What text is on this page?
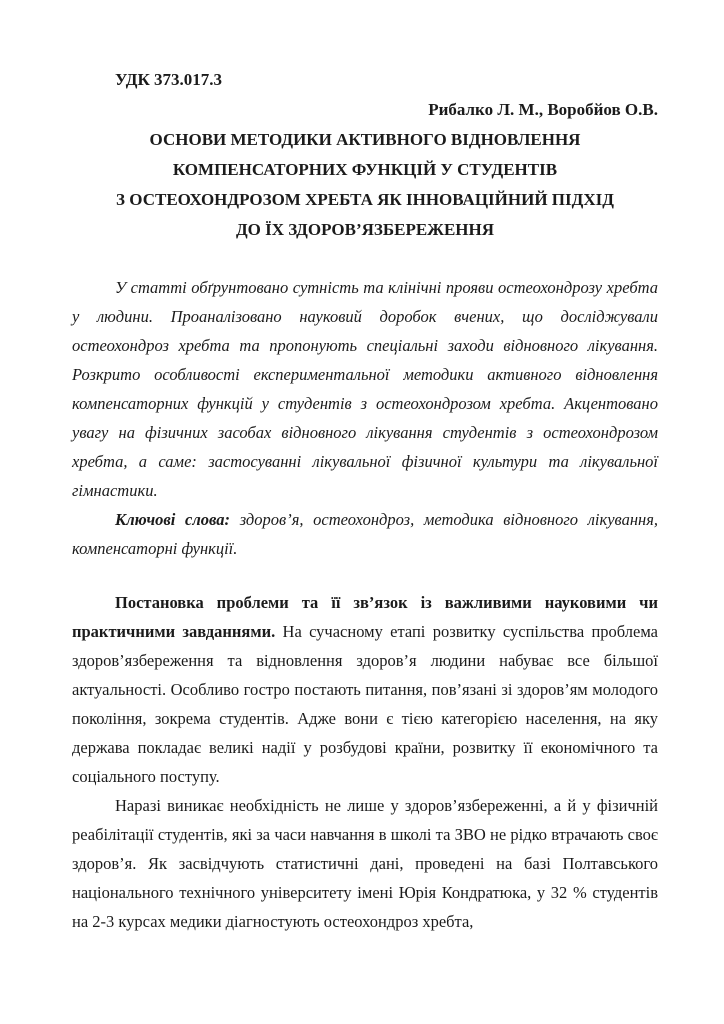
УДК 373.017.3

Рибалко Л. М., Воробйов О.В.

ОСНОВИ МЕТОДИКИ АКТИВНОГО ВІДНОВЛЕННЯ
КОМПЕНСАТОРНИХ ФУНКЦІЙ У СТУДЕНТІВ
З ОСТЕОХОНДРОЗОМ ХРЕБТА ЯК ІННОВАЦІЙНИЙ ПІДХІД
ДО ЇХ ЗДОРОВ’ЯЗБЕРЕЖЕННЯ

У статті обґрунтовано сутність та клінічні прояви остеохондрозу хребта у людини. Проаналізовано науковий доробок вчених, що досліджували остеохондроз хребта та пропонують спеціальні заходи відновного лікування. Розкрито особливості експериментальної методики активного відновлення компенсаторних функцій у студентів з остеохондрозом хребта. Акцентовано увагу на фізичних засобах відновного лікування студентів з остеохондрозом хребта, а саме: застосуванні лікувальної фізичної культури та лікувальної гімнастики.

Ключові слова: здоров’я, остеохондроз, методика відновного лікування, компенсаторні функції.

Постановка проблеми та її зв’язок із важливими науковими чи практичними завданнями. На сучасному етапі розвитку суспільства проблема здоров’язбереження та відновлення здоров’я людини набуває все більшої актуальності. Особливо гостро постають питання, пов’язані зі здоров’ям молодого покоління, зокрема студентів. Адже вони є тією категорією населення, на яку держава покладає великі надії у розбудові країни, розвитку її економічного та соціального поступу.

Наразі виникає необхідність не лише у здоров’язбереженні, а й у фізичній реабілітації студентів, які за часи навчання в школі та ЗВО не рідко втрачають своє здоров’я. Як засвідчують статистичні дані, проведені на базі Полтавського національного технічного університету імені Юрія Кондратюка, у 32 % студентів на 2-3 курсах медики діагностують остеохондроз хребта,
